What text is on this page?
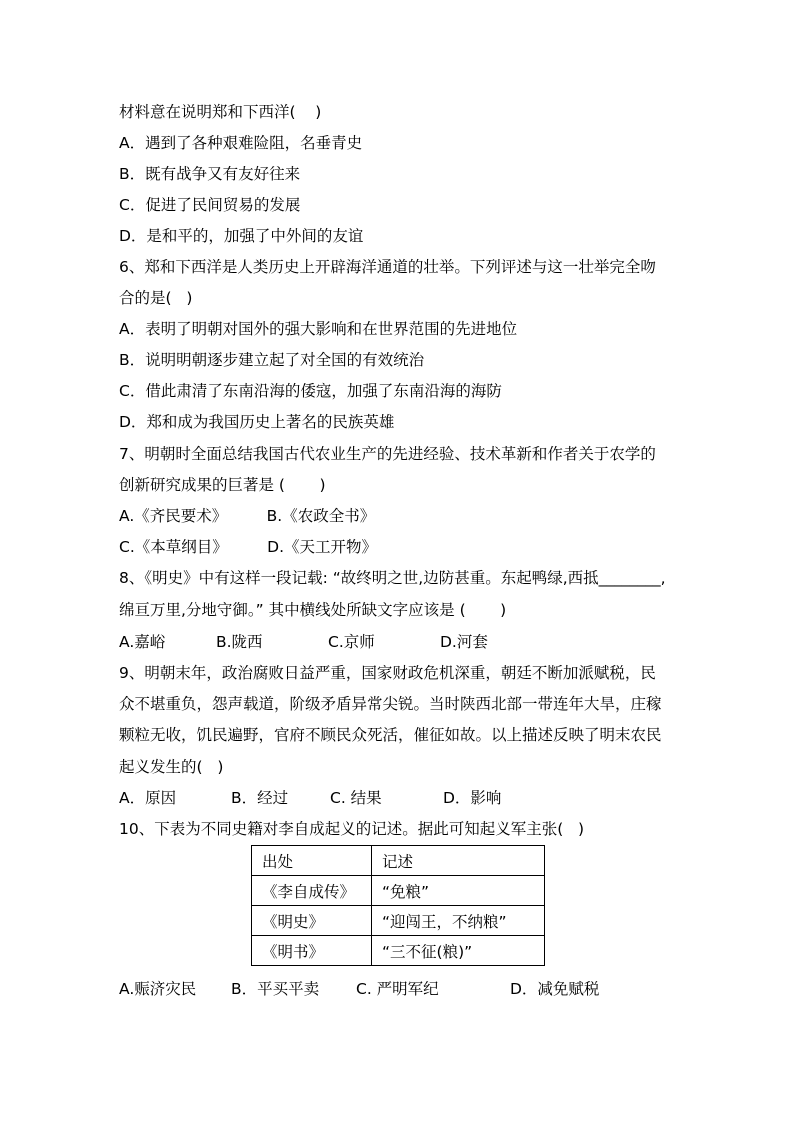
材料意在说明郑和下西洋(    )
A．遇到了各种艰难险阻，名垂青史
B．既有战争又有友好往来
C．促进了民间贸易的发展
D．是和平的，加强了中外间的友谊
6、郑和下西洋是人类历史上开辟海洋通道的壮举。下列评述与这一壮举完全吻
合的是(   )
A．表明了明朝对国外的强大影响和在世界范围的先进地位
B．说明明朝逐步建立起了对全国的有效统治
C．借此肃清了东南沿海的倭寇，加强了东南沿海的海防
D．郑和成为我国历史上著名的民族英雄
7、明朝时全面总结我国古代农业生产的先进经验、技术革新和作者关于农学的
创新研究成果的巨著是 (       )
A.《齐民要术》        B.《农政全书》
C.《本草纲目》        D.《天工开物》
8、《明史》中有这样一段记载: “故终明之世,边防甚重。东起鸭绿,西抵________,
绵亘万里,分地守御。” 其中横线处所缺文字应该是 (       )
A.嘉峪	B.陇西	C.京师	D.河套
9、明朝末年，政治腐败日益严重，国家财政危机深重，朝廷不断加派赋税，民
众不堪重负，怨声载道，阶级矛盾异常尖锐。当时陕西北部一带连年大旱，庄稼
颗粒无收，饥民遍野，官府不顾民众死活，催征如故。以上描述反映了明末农民
起义发生的(   )
A．原因	B．经过	C. 结果	D．影响
10、下表为不同史籍对李自成起义的记述。据此可知起义军主张(   )
出处	记述
《李自成传》	“免粮”
《明史》	“迎闯王，不纳粮”
《明书》	“三不征(粮)”
A.赈济灾民 B．平买平卖 C. 严明军纪	D．减免赋税
